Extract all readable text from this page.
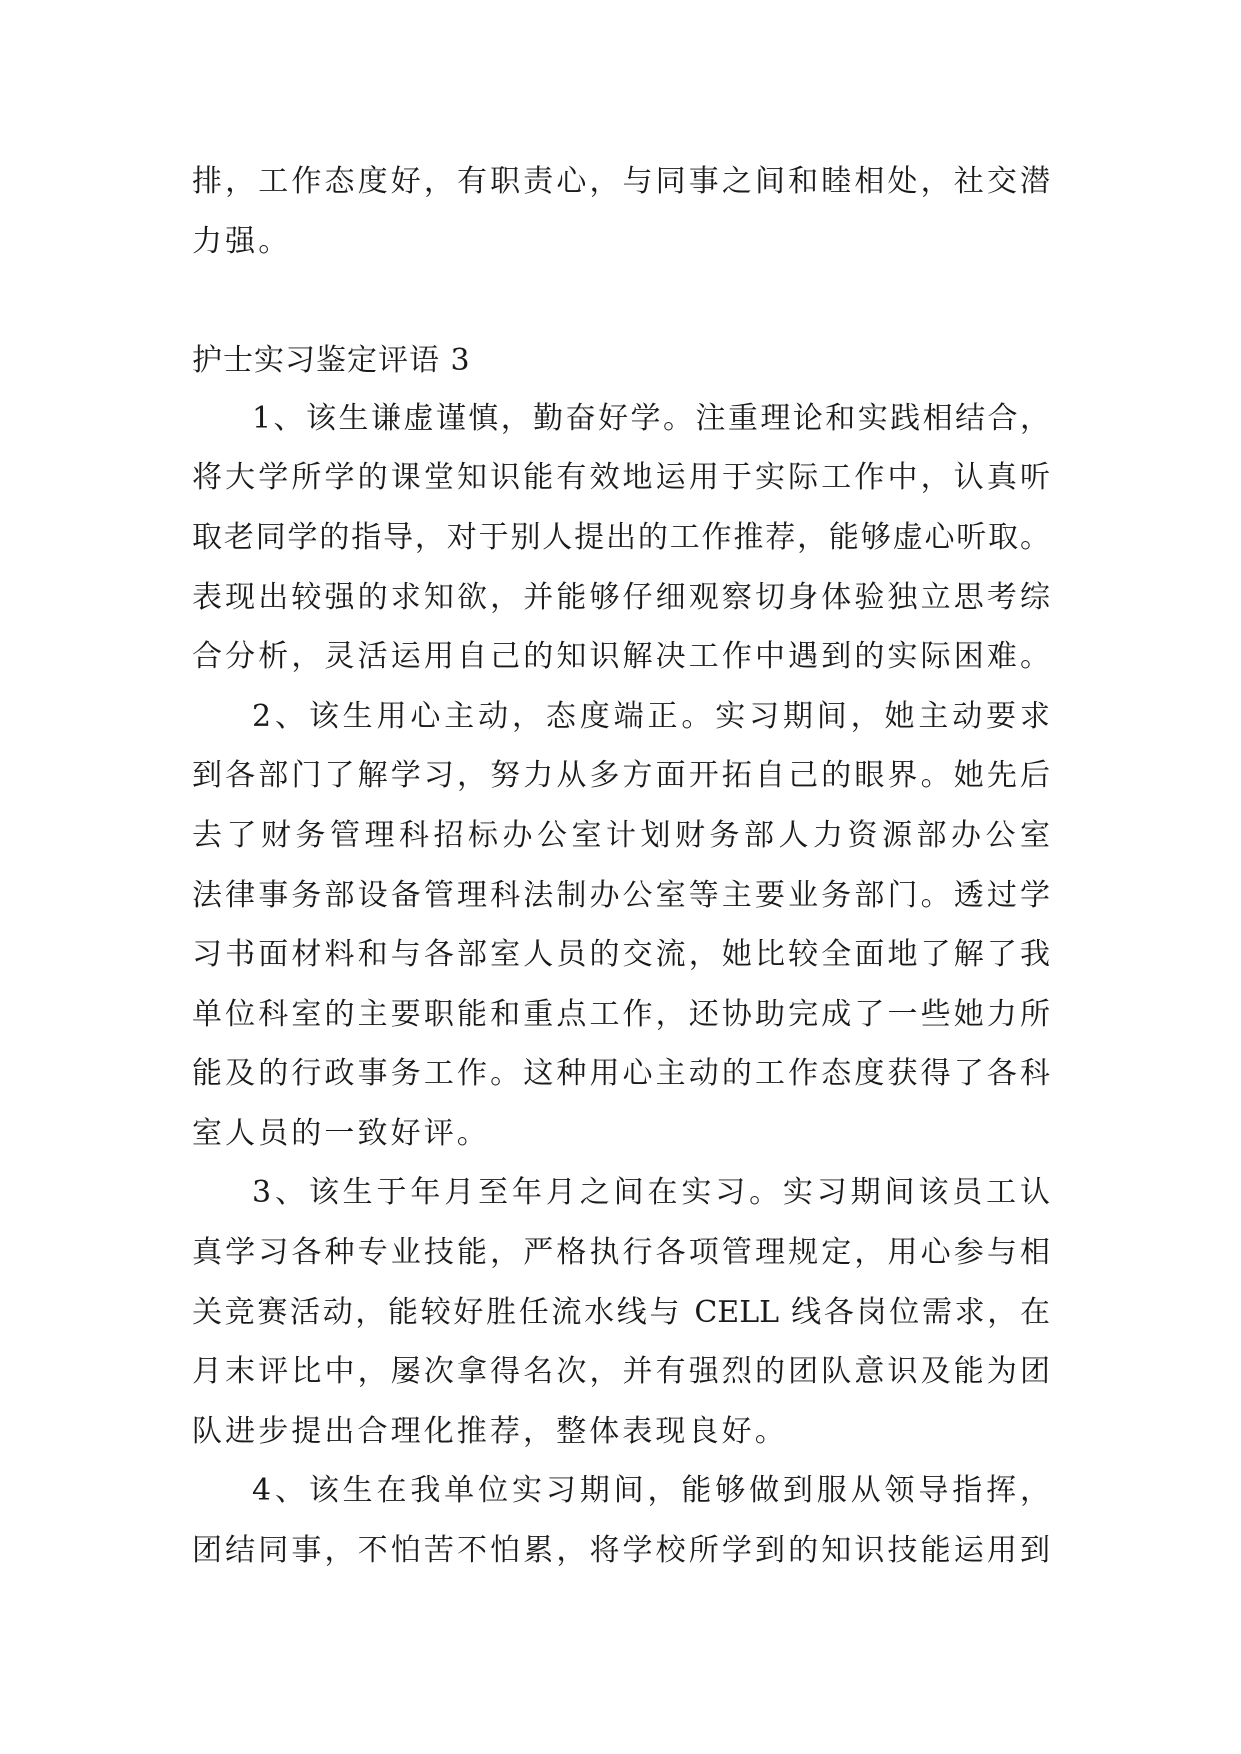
排，工作态度好，有职责心，与同事之间和睦相处，社交潜
力强。
护士实习鉴定评语 3
1、该生谦虚谨慎，勤奋好学。注重理论和实践相结合，
将大学所学的课堂知识能有效地运用于实际工作中，认真听
取老同学的指导，对于别人提出的工作推荐，能够虚心听取。
表现出较强的求知欲，并能够仔细观察切身体验独立思考综
合分析，灵活运用自己的知识解决工作中遇到的实际困难。
2、该生用心主动，态度端正。实习期间，她主动要求
到各部门了解学习，努力从多方面开拓自己的眼界。她先后
去了财务管理科招标办公室计划财务部人力资源部办公室
法律事务部设备管理科法制办公室等主要业务部门。透过学
习书面材料和与各部室人员的交流，她比较全面地了解了我
单位科室的主要职能和重点工作，还协助完成了一些她力所
能及的行政事务工作。这种用心主动的工作态度获得了各科
室人员的一致好评。
3、该生于年月至年月之间在实习。实习期间该员工认
真学习各种专业技能，严格执行各项管理规定，用心参与相
关竞赛活动，能较好胜任流水线与 CELL 线各岗位需求，在
月末评比中，屡次拿得名次，并有强烈的团队意识及能为团
队进步提出合理化推荐，整体表现良好。
4、该生在我单位实习期间，能够做到服从领导指挥，
团结同事，不怕苦不怕累，将学校所学到的知识技能运用到
